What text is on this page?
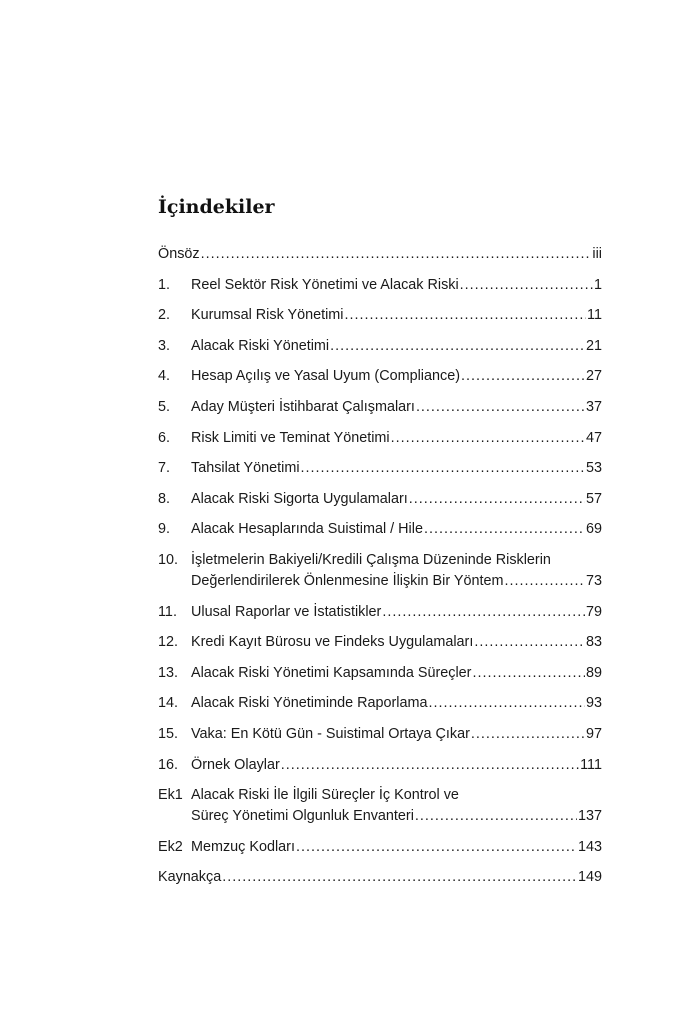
İçindekiler
Önsöz .....	iii
1.	Reel Sektör Risk Yönetimi ve Alacak Riski .....	1
2.	Kurumsal Risk Yönetimi .....	11
3.	Alacak Riski Yönetimi .....	21
4.	Hesap Açılış ve Yasal Uyum (Compliance) .....	27
5.	Aday Müşteri İstihbarat Çalışmaları .....	37
6.	Risk Limiti ve Teminat Yönetimi .....	47
7.	Tahsilat Yönetimi .....	53
8.	Alacak Riski Sigorta Uygulamaları .....	57
9.	Alacak Hesaplarında Suistimal / Hile .....	69
10. İşletmelerin Bakiyeli/Kredili Çalışma Düzeninde Risklerin
Değerlendirilerek Önlenmesine İlişkin Bir Yöntem .....	73
11. Ulusal Raporlar ve İstatistikler .....	79
12. Kredi Kayıt Bürosu ve Findeks Uygulamaları .....	83
13. Alacak Riski Yönetimi Kapsamında Süreçler .....	89
14. Alacak Riski Yönetiminde Raporlama .....	93
15. Vaka: En Kötü Gün - Suistimal Ortaya Çıkar .....	97
16. Örnek Olaylar .....	111
Ek1 Alacak Riski İle İlgili Süreçler İç Kontrol ve
Süreç Yönetimi Olgunluk Envanteri .....	137
Ek2 Memzuç Kodları .....	143
Kaynakça .....	149
